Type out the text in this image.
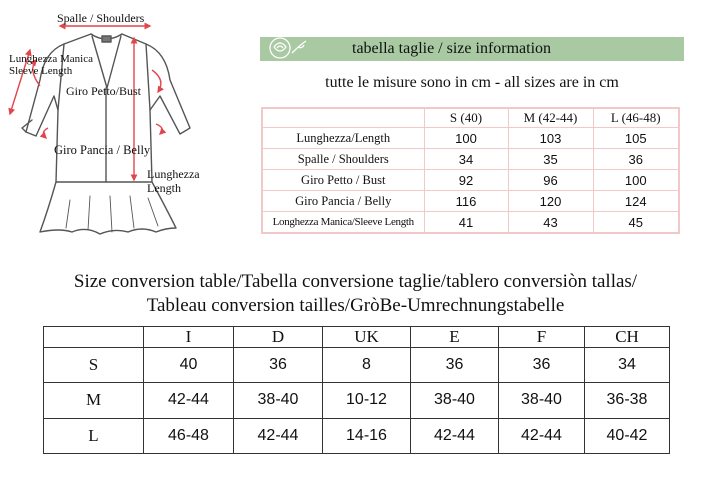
Spalle / Shoulders
Lunghezza Manica
Sleeve Length
Giro Petto/Bust
Giro Pancia / Belly
Lunghezza
Length
tabella taglie / size information
tutte le misure sono in cm - all sizes are in cm
	S (40)	M (42-44)	L (46-48)
Lunghezza/Length	100	103	105
Spalle / Shoulders	34	35	36
Giro Petto / Bust	92	96	100
Giro Pancia / Belly	116	120	124
Longhezza Manica/Sleeve Length	41	43	45
Size conversion table/Tabella conversione taglie/tablero conversiòn tallas/
Tableau conversion tailles/GròBe-Umrechnungstabelle
	I	D	UK	E	F	CH
S	40	36	8	36	36	34
M	42-44	38-40	10-12	38-40	38-40	36-38
L	46-48	42-44	14-16	42-44	42-44	40-42
